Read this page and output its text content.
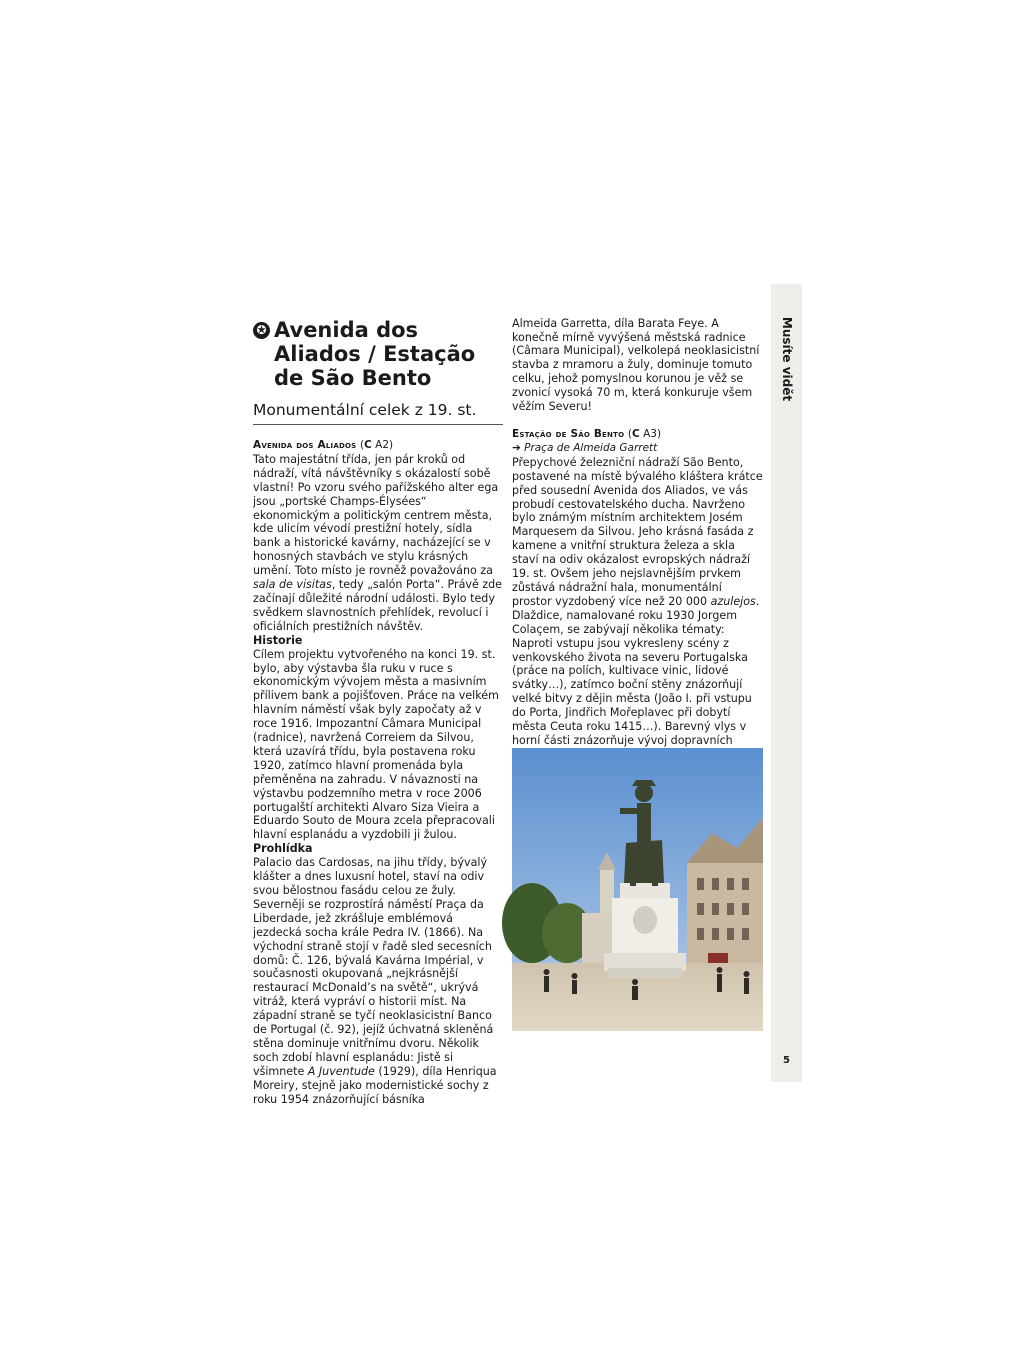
Musíte vidět
5
✪ Avenida dos Aliados / Estação de São Bento
Monumentální celek z 19. st.
Avenida dos Aliados (C A2)

Tato majestátní třída, jen pár kroků od nádraží, vítá návštěvníky s okázalostí sobě vlastní! Po vzoru svého pařížského alter ega jsou „portské Champs-Élysées“ ekonomickým a politickým centrem města, kde ulicím vévodí prestižní hotely, sídla bank a historické kavárny, nacházející se v honosných stavbách ve stylu krásných umění. Toto místo je rovněž považováno za sala de visitas, tedy „salón Porta“. Právě zde začínají důležité národní události. Bylo tedy svědkem slavnostních přehlídek, revolucí i oficiálních prestižních návštěv.

Historie

Cílem projektu vytvořeného na konci 19. st. bylo, aby výstavba šla ruku v ruce s ekonomickým vývojem města a masivním přílivem bank a pojišťoven. Práce na velkém hlavním náměstí však byly započaty až v roce 1916. Impozantní Câmara Municipal (radnice), navržená Correiem da Silvou, která uzavírá třídu, byla postavena roku 1920, zatímco hlavní promenáda byla přeměněna na zahradu. V návaznosti na výstavbu podzemního metra v roce 2006 portugalští architekti Alvaro Siza Vieira a Eduardo Souto de Moura zcela přepracovali hlavní esplanádu a vyzdobili ji žulou.

Prohlídka

Palacio das Cardosas, na jihu třídy, bývalý klášter a dnes luxusní hotel, staví na odiv svou bělostnou fasádu celou ze žuly. Severněji se rozprostírá náměstí Praça da Liberdade, jež zkrášluje emblémová jezdecká socha krále Pedra IV. (1866). Na východní straně stojí v řadě sled secesních domů: Č. 126, bývalá Kavárna Impérial, v současnosti okupovaná „nejkrásnější restaurací McDonald’s na světě“, ukrývá vitráž, která vypráví o historii míst. Na západní straně se tyčí neoklasicistní Banco de Portugal (č. 92), jejíž úchvatná skleněná stěna dominuje vnitřnímu dvoru. Několik soch zdobí hlavní esplanádu: Jistě si všimnete A Juventude (1929), díla Henriqua Moreiry, stejně jako modernistické sochy z roku 1954 znázorňující básníka

Almeida Garretta, díla Barata Feye. A konečně mírně vyvýšená městská radnice (Câmara Municipal), velkolepá neoklasicistní stavba z mramoru a žuly, dominuje tomuto celku, jehož pomyslnou korunou je věž se zvonicí vysoká 70 m, která konkuruje všem věžím Severu!

Estação de São Bento (C A3)
➔ Praça de Almeida Garrett

Přepychové železniční nádraží São Bento, postavené na místě bývalého kláštera krátce před sousední Avenida dos Aliados, ve vás probudí cestovatelského ducha. Navrženo bylo známým místním architektem Josém Marquesem da Silvou. Jeho krásná fasáda z kamene a vnitřní struktura železa a skla staví na odiv okázalost evropských nádraží 19. st. Ovšem jeho nejslavnějším prvkem zůstává nádražní hala, monumentální prostor vyzdobený více než 20 000 azulejos. Dlaždice, namalované roku 1930 Jorgem Colaçem, se zabývají několika tématy: Naproti vstupu jsou vykresleny scény z venkovského života na severu Portugalska (práce na polích, kultivace vinic, lidové svátky…), zatímco boční stěny znázorňují velké bitvy z dějin města (João I. při vstupu do Porta, Jindřich Mořeplavec při dobytí města Ceuta roku 1415…). Barevný vlys v horní části znázorňuje vývoj dopravních
